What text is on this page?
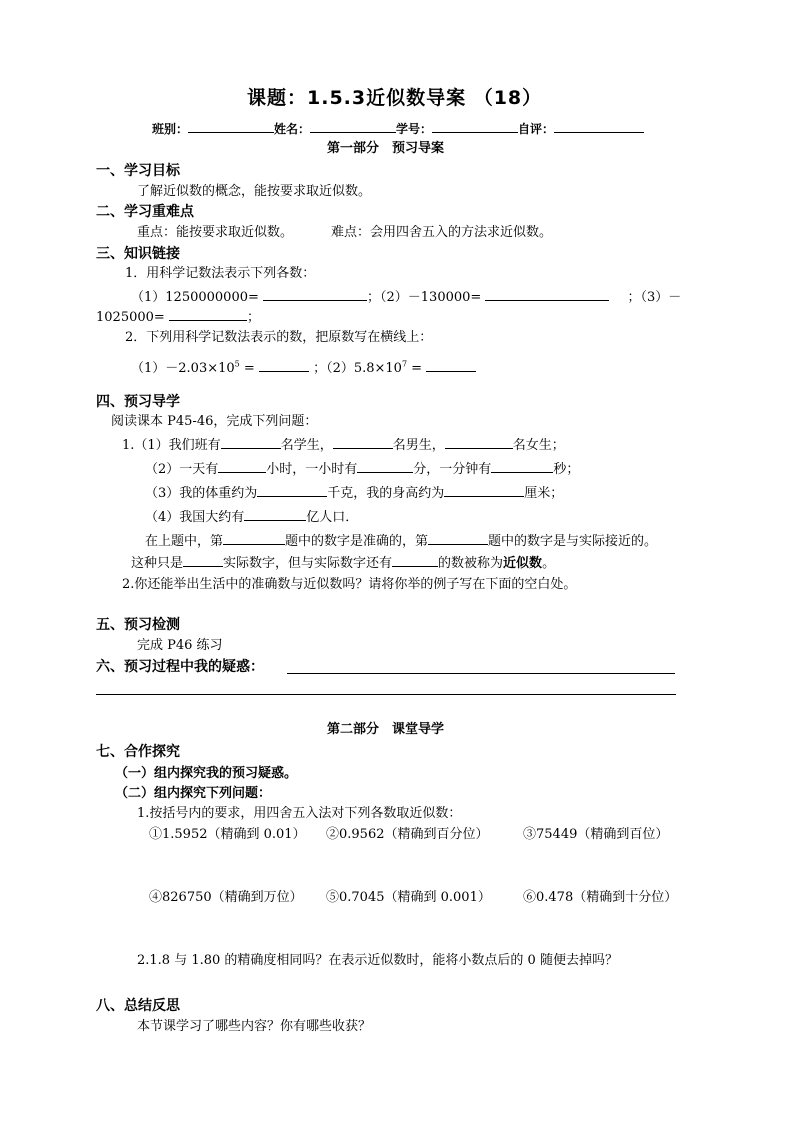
课题：1.5.3近似数导案 （18）
班别：	姓名：	学号：	自评：
第一部分　预习导案
一、学习目标
了解近似数的概念，能按要求取近似数。
二、学习重难点
重点：能按要求取近似数。	难点：会用四舍五入的方法求近似数。
三、知识链接
1．用科学记数法表示下列各数：
（1）1250000000=	；（2）－130000=	；（3）－
1025000=	；
2．下列用科学记数法表示的数，把原数写在横线上：
$(1)-2.03\times 10^5$ =	；$(2)5.8\times 10^7$ =
四、预习导学
阅读课本 P45-46，完成下列问题：
1.（1）我们班有	名学生，	名男生，	名女生；
（2）一天有	小时，一小时有	分，一分钟有	秒；
（3）我的体重约为	千克，我的身高约为	厘米；
（4）我国大约有	亿人口．
在上题中，第	题中的数字是准确的，第	题中的数字是与实际接近的。
这种只是	实际数字，但与实际数字还有	的数被称为近似数。
2.你还能举出生活中的准确数与近似数吗？请将你举的例子写在下面的空白处。
五、预习检测
完成 P46 练习
六、预习过程中我的疑惑：
第二部分　课堂导学
七、合作探究
（一）组内探究我的预习疑惑。
（二）组内探究下列问题：
1.按括号内的要求，用四舍五入法对下列各数取近似数：
①1.5952（精确到 0.01） ②0.9562（精确到百分位）	③75449（精确到百位）
④826750（精确到万位） ⑤0.7045（精确到 0.001） ⑥0.478（精确到十分位）
2.1.8 与 1.80 的精确度相同吗？在表示近似数时，能将小数点后的 0 随便去掉吗？
八、总结反思
本节课学习了哪些内容？你有哪些收获？
